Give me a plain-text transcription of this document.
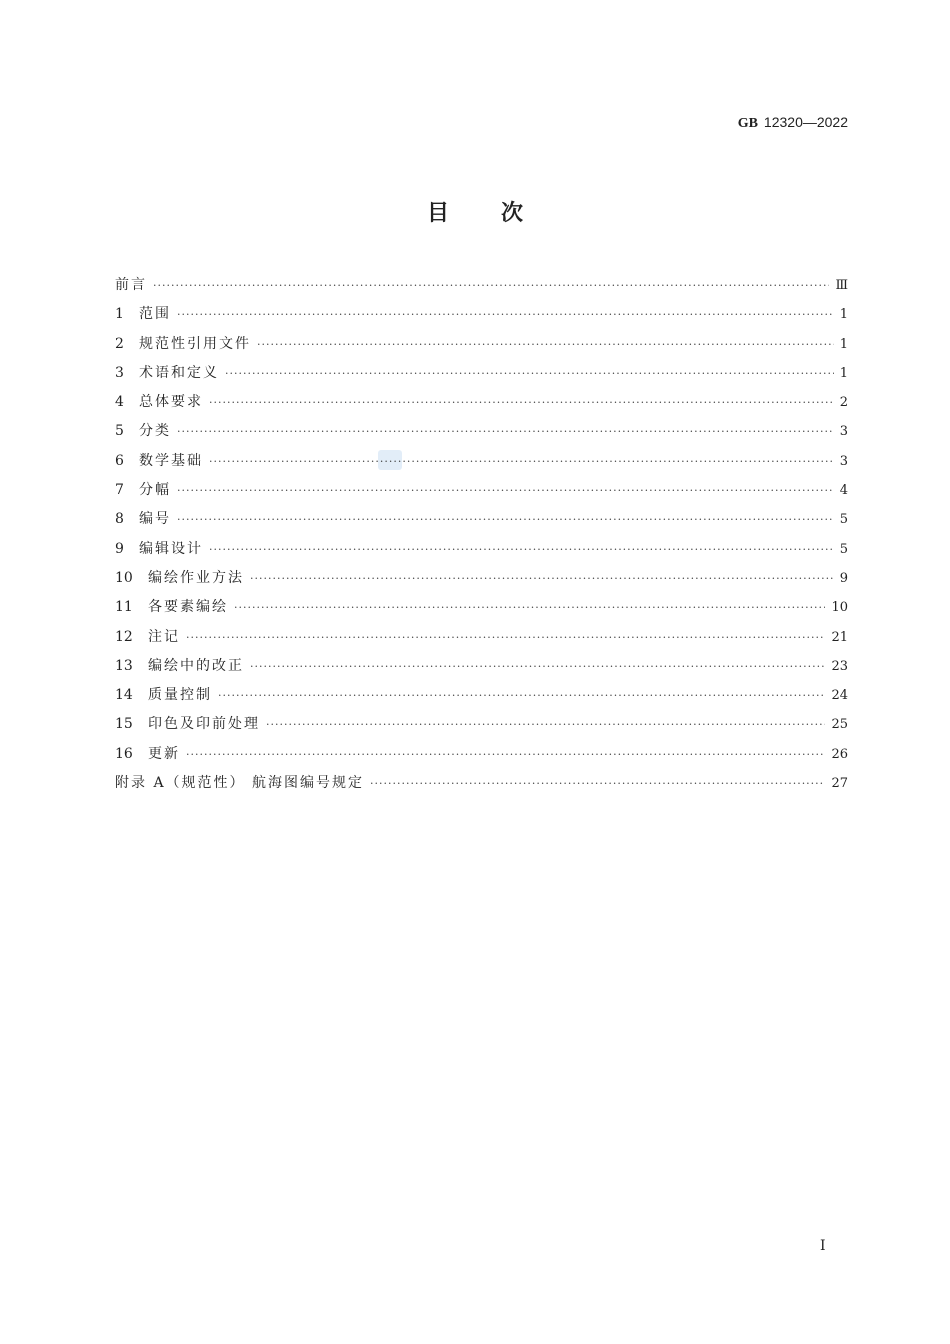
GB 12320—2022
目 次
前言 ·····	Ⅲ
1	范围 ·····	1
2	规范性引用文件 ·····	1
3	术语和定义 ·····	1
4	总体要求 ·····	2
5	分类 ·····	3
6	数学基础 ·····	3
7	分幅 ·····	4
8	编号 ·····	5
9	编辑设计 ·····	5
10	编绘作业方法 ·····	9
11	各要素编绘 ·····	10
12	注记 ·····	21
13	编绘中的改正 ·····	23
14	质量控制 ·····	24
15	印色及印前处理 ·····	25
16	更新 ·····	26
附录 A（规范性） 航海图编号规定 ·····	27
Ⅰ
